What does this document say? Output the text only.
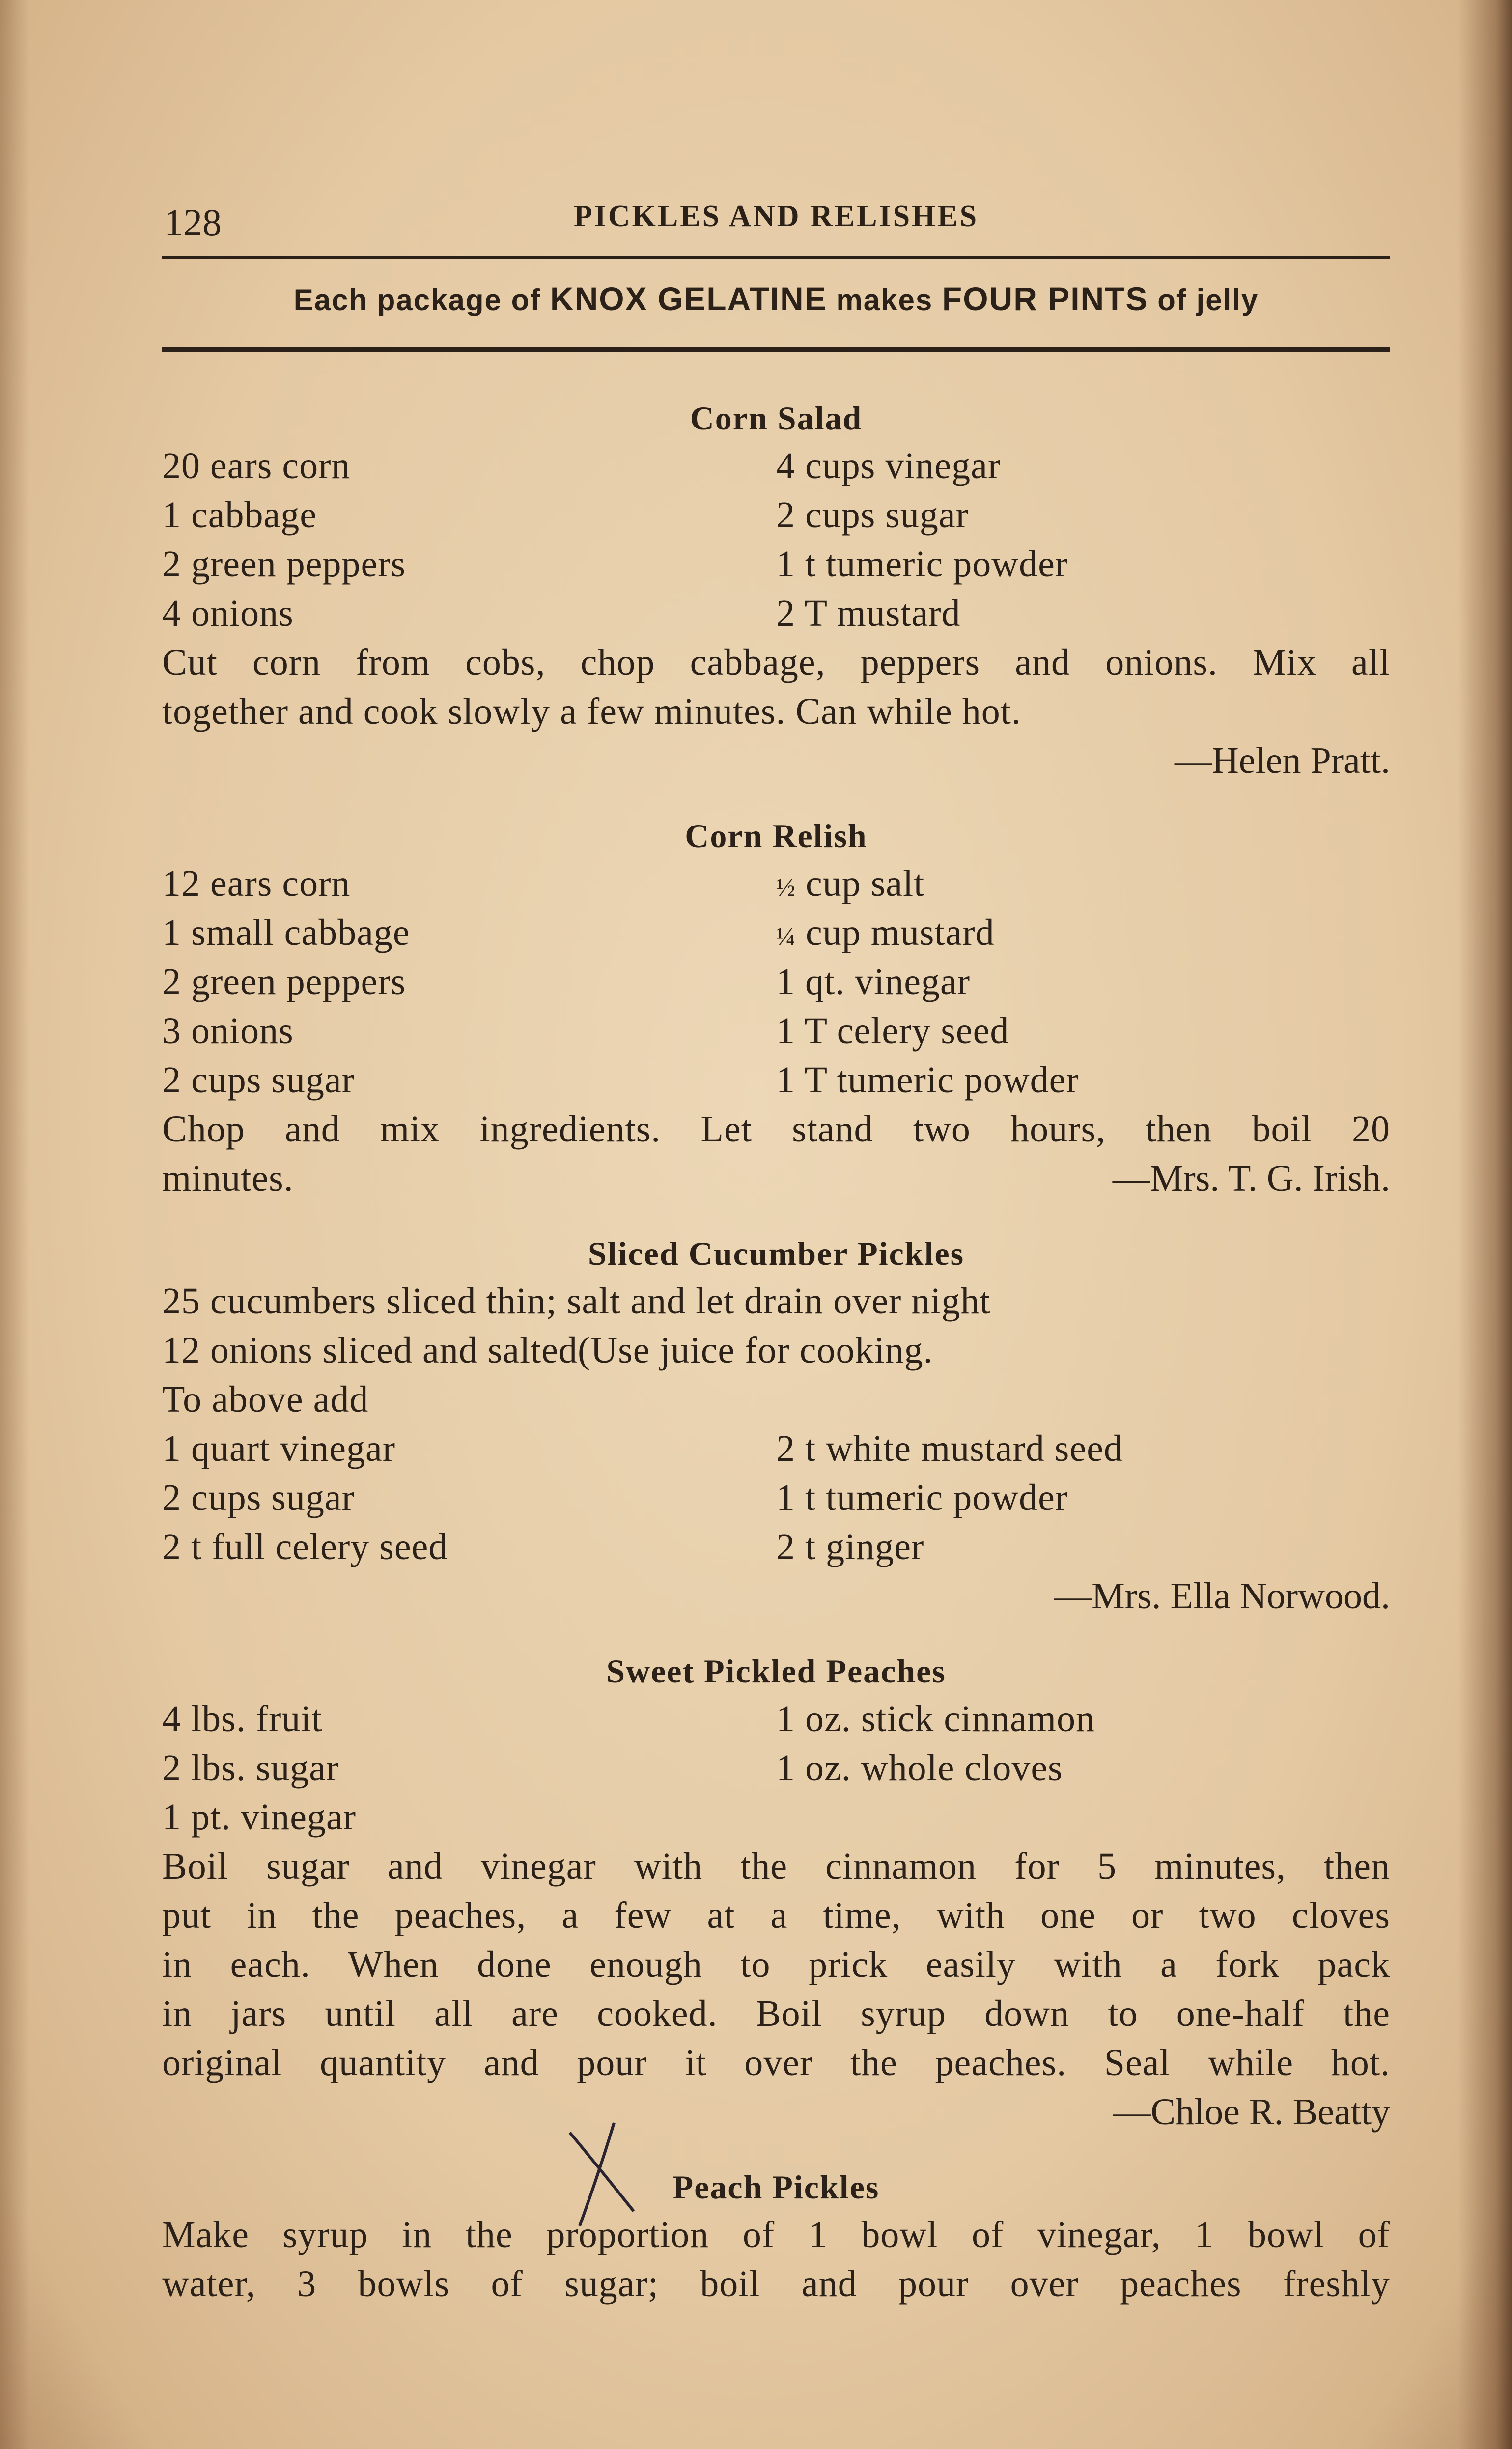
128	PICKLES AND RELISHES
Each package of KNOX GELATINE makes FOUR PINTS of jelly
Corn Salad
20 ears corn
1 cabbage
2 green peppers
4 onions
4 cups vinegar
2 cups sugar
1 t tumeric powder
2 T mustard
Cut corn from cobs, chop cabbage, peppers and onions. Mix all
together and cook slowly a few minutes. Can while hot.
—Helen Pratt.
Corn Relish
12 ears corn
1 small cabbage
2 green peppers
3 onions
2 cups sugar
½ cup salt
¼ cup mustard
1 qt. vinegar
1 T celery seed
1 T tumeric powder
Chop and mix ingredients. Let stand two hours, then boil 20
minutes.	—Mrs. T. G. Irish.
Sliced Cucumber Pickles
25 cucumbers sliced thin; salt and let drain over night
12 onions sliced and salted(Use juice for cooking.
To above add
1 quart vinegar
2 cups sugar
2 t full celery seed
2 t white mustard seed
1 t tumeric powder
2 t ginger
—Mrs. Ella Norwood.
Sweet Pickled Peaches
4 lbs. fruit
2 lbs. sugar
1 pt. vinegar
1 oz. stick cinnamon
1 oz. whole cloves
Boil sugar and vinegar with the cinnamon for 5 minutes, then
put in the peaches, a few at a time, with one or two cloves
in each. When done enough to prick easily with a fork pack
in jars until all are cooked. Boil syrup down to one-half the
original quantity and pour it over the peaches. Seal while hot.
—Chloe R. Beatty
Peach Pickles
Make syrup in the proportion of 1 bowl of vinegar, 1 bowl of
water, 3 bowls of sugar; boil and pour over peaches freshly
